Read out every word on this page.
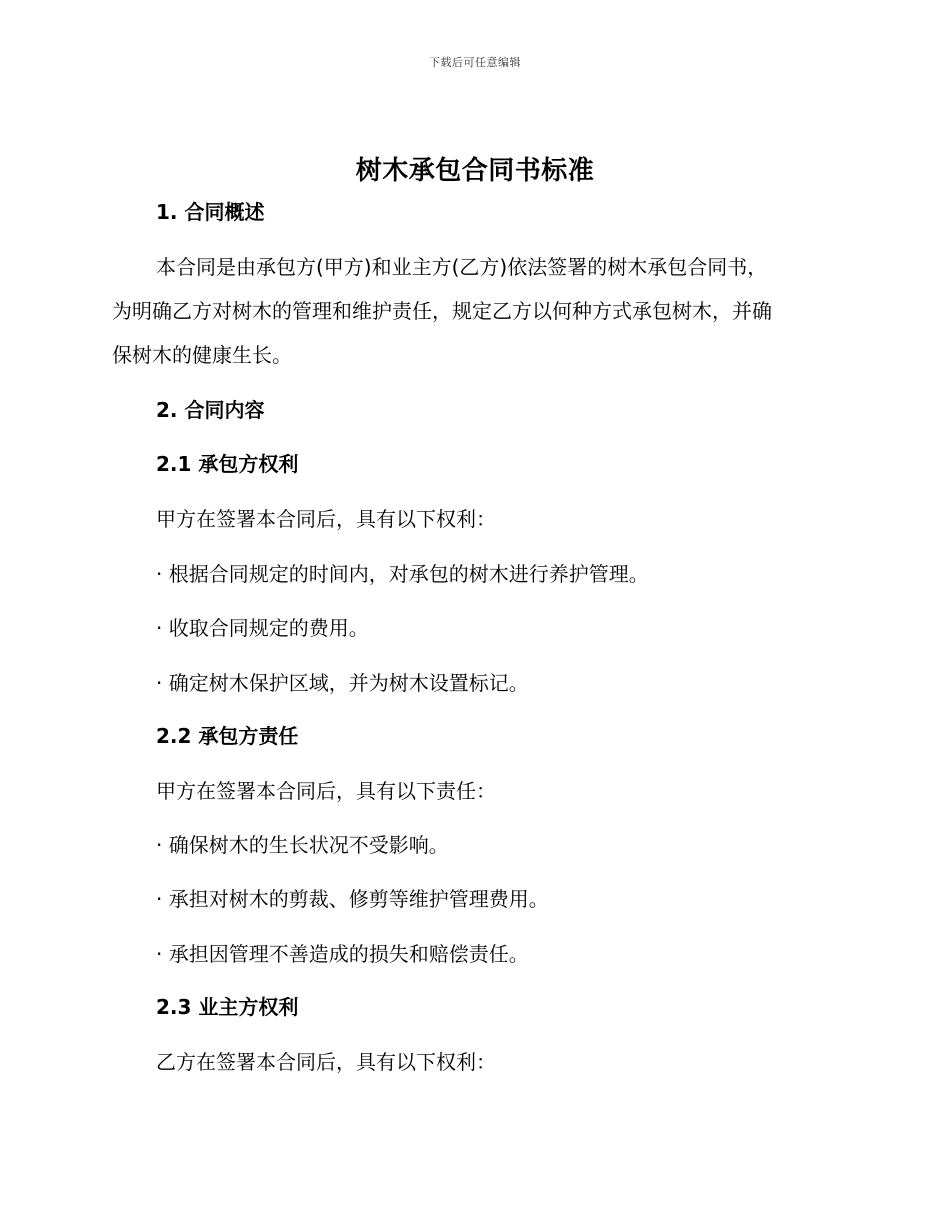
下载后可任意编辑
树木承包合同书标准
1. 合同概述
本合同是由承包方(甲方)和业主方(乙方)依法签署的树木承包合同书，
为明确乙方对树木的管理和维护责任，规定乙方以何种方式承包树木，并确
保树木的健康生长。
2. 合同内容
2.1 承包方权利
甲方在签署本合同后，具有以下权利：
· 根据合同规定的时间内，对承包的树木进行养护管理。
· 收取合同规定的费用。
· 确定树木保护区域，并为树木设置标记。
2.2 承包方责任
甲方在签署本合同后，具有以下责任：
· 确保树木的生长状况不受影响。
· 承担对树木的剪裁、修剪等维护管理费用。
· 承担因管理不善造成的损失和赔偿责任。
2.3 业主方权利
乙方在签署本合同后，具有以下权利：
